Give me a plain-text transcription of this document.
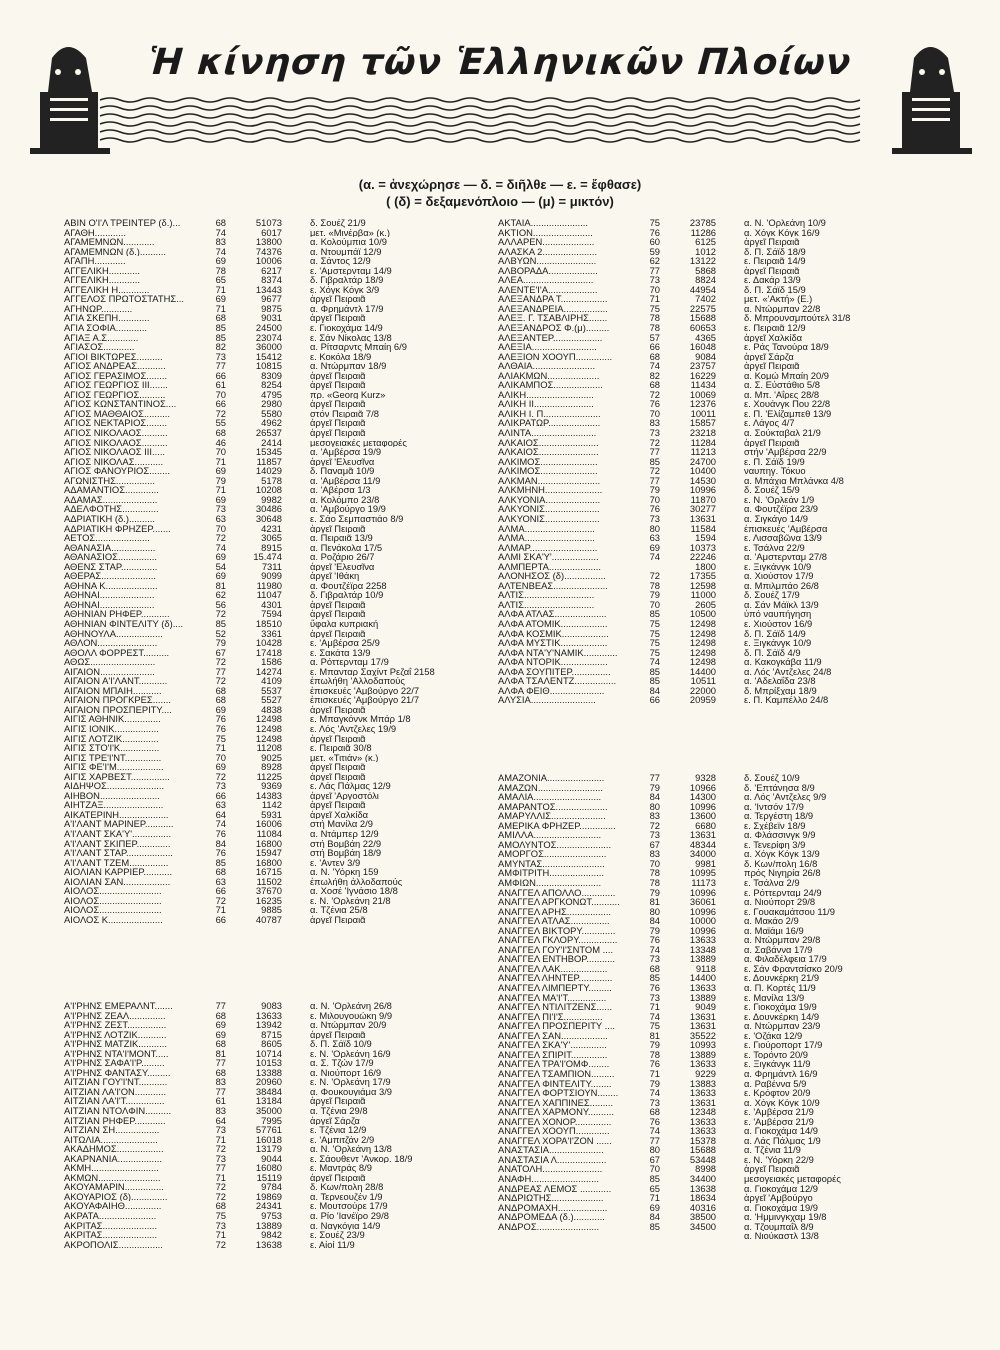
Ἡ κίνηση τῶν Ἑλληνικῶν Πλοίων
(α. = ἀνεχώρησε — δ. = διῆλθε — ε. = ἔφθασε)
( (δ) = δεξαμενόπλοιο — (μ) = μικτόν)
ΑΒΙΝ Ο'Ι'Λ ΤΡΕΙΝΤΕΡ (δ.)...	68	51073	δ. Σουέζ 21/9
ΑΓΑΘΗ............	74	6017	μετ. «Μινέρβα» (κ.)
ΑΓΑΜΕΜΝΩΝ............	83	13800	α. Κολούμπια 10/9
ΑΓΑΜΕΜΝΩΝ (δ.)..........	74	74376	α. Ντουμπάϊ 12/9
ΑΓΑΠΗ............	69	10006	α. Σάντος 12/9
ΑΓΓΕΛΙΚΗ............	78	6217	ε. 'Αμστερνταμ 14/9
ΑΓΓΕΛΙΚΗ............	65	8374	δ. Γιβραλτάρ 18/9
ΑΓΓΕΛΙΚΗ Η............	71	13443	ε. Χόγκ Κόγκ 3/9
ΑΓΓΕΛΟΣ ΠΡΩΤΟΣΤΑΤΗΣ...	69	9677	ἀργεῖ Πειραιᾶ
ΑΓΗΝΩΡ............	71	9875	α. Φρημάντλ 17/9
ΑΓΙΑ ΣΚΕΠΗ............	68	9031	ἀργεῖ Πειραιᾶ
ΑΓΙΑ ΣΟΦΙΑ............	85	24500	ε. Γιοκοχάμα 14/9
ΑΓΙΑΞ Α.Σ............	85	23074	ε. Σάν Νίκολας 13/8
ΑΓΙΑΣΟΣ............	82	36000	α. Ρίτσαρντς Μπαίη 6/9
ΑΓΙΟΙ ΒΙΚΤΩΡΕΣ..........	73	15412	ε. Κοκόλα 18/9
ΑΓΙΟΣ ΑΝΔΡΕΑΣ...........	77	10815	α. Ντώρμπαν 18/9
ΑΓΙΟΣ ΓΕΡΑΣΙΜΟΣ........	66	8309	ἀργεῖ Πειραιᾶ
ΑΓΙΟΣ ΓΕΩΡΓΙΟΣ III.......	61	8254	ἀργεῖ Πειραιᾶ
ΑΓΙΟΣ ΓΕΩΡΓΙΟΣ..........	70	4795	πρ. «Georg Kurz»
ΑΓΙΟΣ ΚΩΝΣΤΑΝΤΙΝΟΣ....	66	2980	ἀργεῖ Πειραιᾶ
ΑΓΙΟΣ ΜΑΘΘΑΙΟΣ..........	72	5580	στόν Πειραιᾶ 7/8
ΑΓΙΟΣ ΝΕΚΤΑΡΙΟΣ........	55	4962	ἀργεῖ Πειραιᾶ
ΑΓΙΟΣ ΝΙΚΟΛΑΟΣ..........	68	26537	ἀργεῖ Πειραιᾶ
ΑΓΙΟΣ ΝΙΚΟΛΑΟΣ..........	46	2414	μεσογειακές μεταφορές
ΑΓΙΟΣ ΝΙΚΟΛΑΟΣ III.....	70	15345	α. 'Αμβέρσα 19/9
ΑΓΙΟΣ ΝΙΚΟΛΑΣ...........	71	11857	ἀργεῖ 'Ελευσῖνα
ΑΓΙΟΣ ΦΑΝΟΥΡΙΟΣ........	69	14029	δ. Παναμᾶ 10/9
ΑΓΩΝΙΣΤΗΣ...............	79	5178	α. 'Αμβέρσα 11/9
ΑΔΑΜΑΝΤΙΟΣ.............	71	10208	α. 'Αβέρσα 1/3
ΑΔΑΜΑΣ.....................	69	9982	α. Κολόμπο 23/8
ΑΔΕΛΦΟΤΗΣ..............	73	30486	α. 'Αμβούργο 19/9
ΑΔΡΙΑΤΙΚΗ (δ.)..........	63	30648	ε. Σάο Σεμπαστιάο 8/9
ΑΔΡΙΑΤΙΚΗ ΦΡΗΖΕΡ.......	70	4231	ἀργεῖ Πειραιᾶ
ΑΕΤΟΣ.....................	72	3065	α. Πειραιᾶ 13/9
ΑΘΑΝΑΣΙΑ.................	74	8915	α. Πενάκολα 17/5
ΑΘΑΝΑΣΙΟΣ...............	69	15.474	α. Ροζάριο 26/7
ΑΘΕΝΣ ΣΤΑΡ..............	54	7311	ἀργεῖ 'Ελευσῖνα
ΑΘΕΡΑΣ.....................	69	9099	ἀργεῖ 'Ιθάκη
ΑΘΗΝΑ Κ....................	81	11980	α. Φουτζέϊρα 2258
ΑΘΗΝΑΙ.....................	62	11047	δ. Γιβραλτάρ 10/9
ΑΘΗΝΑΙ.....................	56	4301	ἀργεῖ Πειραιᾶ
ΑΘΗΝΙΑΝ ΡΗΦΕΡ...........	72	7594	ἀργεῖ Πειραιᾶ
ΑΘΗΝΙΑΝ ΦΙΝΤΕΛΙΤΥ (δ)....	85	18510	ὕφαλα κυπριακή
ΑΘΗΝΟΥΛΑ..................	52	3361	ἀργεῖ Πειραιᾶ
ΑΘΛΟΝ.......................	79	10428	ε. 'Αμβέρσα 25/9
ΑΘΟΛΛ ΦΟΡΡΕΣΤ..........	67	17418	ε. Σακάτα 13/9
ΑΘΩΣ.........................	72	1586	α. Ρόττερνταμ 17/9
ΑΙΓΑΙΟΝ.....................	77	14274	ε. Μπανταρ Σαχίντ Ρεζαΐ 2158
ΑΙΓΑΙΟΝ Α'Ι'ΛΑΝΤ...........	72	4109	ἐπωλήθη 'Αλλοδαπούς
ΑΙΓΑΙΟΝ ΜΠΑΙΗ...........	68	5537	ἐπισκευές 'Αμβούργο 22/7
ΑΙΓΑΙΟΝ ΠΡΟΓΚΡΕΣ.......	68	5527	ἐπισκευές 'Αμβούργο 21/7
ΑΙΓΑΙΟΝ ΠΡΟΣΠΕΡΙΤΥ....	69	4838	ἀργεῖ Πειραιᾶ
ΑΙΓΙΣ ΑΘΗΝΙΚ..............	76	12498	ε. Μπαγκόννκ Μπάρ 1/8
ΑΙΓΙΣ ΙΟΝΙΚ.................	76	12498	ε. Λός 'Αντζελες 19/9
ΑΙΓΙΣ ΛΟΤΖΙΚ..............	75	12498	ἀργεῖ Πειραιᾶ
ΑΙΓΙΣ ΣΤΟ'Ι'Κ...............	71	11208	ε. Πειραιᾶ 30/8
ΑΙΓΙΣ ΤΡΕ'Ι'ΝΤ..............	70	9025	μετ. «Τιτιάν» (κ.)
ΑΙΓΙΣ ΦΕ'Ι'Μ..................	69	8928	ἀργεῖ Πειραιᾶ
ΑΙΓΙΣ ΧΑΡΒΕΣΤ...............	72	11225	ἀργεῖ Πειραιᾶ
ΑΙΔΗΨΟΣ......................	73	9369	ε. Λάς Πάλμας 12/9
ΑΙΗΒΟΝ.......................	66	14383	ἀργεῖ 'Αργοστόλι
ΑΙΗΤΖΑΞ.......................	63	1142	ἀργεῖ Πειραιᾶ
ΑΙΚΑΤΕΡΙΝΗ...................	64	5931	ἀργεῖ Χαλκίδα
Α'Ι'ΛΑΝΤ ΜΑΡΙΝΕΡ...........	74	16006	στή Μανίλα 2/9
Α'Ι'ΛΑΝΤ ΣΚΑ'Υ'...............	76	11084	α. Ντάμπερ 12/9
Α'Ι'ΛΑΝΤ ΣΚΙΠΕΡ.............	84	16800	στή Βομβάη 22/9
Α'Ι'ΛΑΝΤ ΣΤΑΡ..................	76	15947	στή Βομβάη 18/9
Α'Ι'ΛΑΝΤ ΤΖΕΜ...............	85	16800	ε. 'Αντεν 3/9
ΑΙΟΛΙΑΝ ΚΑΡΡΙΕΡ...........	68	16715	α. Ν. 'Υόρκη 159
ΑΙΟΛΙΑΝ ΣΑΝ..................	63	11502	ἐπωλήθη ἀλλοδαπούς
ΑΙΟΛΟΣ........................	66	37670	α. Χοσέ 'Ιγνάσιο 18/8
ΑΙΟΛΟΣ........................	72	16235	ε. Ν. 'Ορλεάνη 21/8
ΑΙΟΛΟΣ........................	71	9885	α. Τζένια 25/8
ΑΙΟΛΟΣ Κ.....................	66	40787	ἀργεῖ Πειραιᾶ
Α'Ι'ΡΗΝΣ ΕΜΕΡΑΛΝΤ.......	77	9083	α. Ν. 'Ορλεάνη 26/8
Α'Ι'ΡΗΝΣ ΖΕΑΛ..............	68	13633	ε. Μιλουγουώκη 9/9
Α'Ι'ΡΗΝΣ ΖΕΣΤ...............	69	13942	α. Ντώρμπαν 20/9
Α'Ι'ΡΗΝΣ ΛΟΤΖΙΚ...........	69	8715	ἀργεῖ Πειραιᾶ
Α'Ι'ΡΗΝΣ ΜΑΤΖΙΚ...........	68	8605	δ. Π. Σάϊδ 10/9
Α'Ι'ΡΗΝΣ ΝΤΑ'Ι'ΜΟΝΤ.....	81	10714	ε. Ν. 'Ορλεάνη 16/9
Α'Ι'ΡΗΝΣ ΣΑΦΑ'Ι'Ρ.........	77	10153	α. Σ. Τζών 17/9
Α'Ι'ΡΗΝΣ ΦΑΝΤΑΣΥ.........	68	13388	α. Νιούπορτ 16/9
ΑΙΤΖΙΑΝ ΓΟΥ'Ι'ΝΤ...........	83	20960	ε. Ν. 'Ορλεάνη 17/9
ΑΙΤΖΙΑΝ ΛΑ'Ι'ΟΝ............	77	38484	α. Φουκουγιάμα 3/9
ΑΙΤΖΙΑΝ ΛΑ'Ι'Τ...............	61	13184	ἀργεῖ Πειραιᾶ
ΑΙΤΖΙΑΝ ΝΤΟΛΦΙΝ..........	83	35000	α. Τζένια 29/8
ΑΙΤΖΙΑΝ ΡΗΦΕΡ............	64	7995	ἀργεῖ Σάρζα
ΑΙΤΖΙΑΝ ΣΗ.................	73	57761	ε. Τζένια 12/9
ΑΙΤΩΛΙΑ......................	71	16018	ε. 'Αμπιτζάν 2/9
ΑΚΑΔΗΜΟΣ..................	72	13179	α. Ν. 'Ορλεάνη 13/8
ΑΚΑΡΝΑΝΙΑ.................	73	9044	ε. Σάουθεντ 'Ανκορ. 18/9
ΑΚΜΗ..........................	77	16080	ε. Μαντράς 8/9
ΑΚΜΩΝ........................	71	15119	ἀργεῖ Πειραιᾶ
ΑΚΟΥΑΜΑΡΙΝ...............	72	9784	δ. Κων/πολη 28/8
ΑΚΟΥΑΡΙΟΣ (δ)..............	72	19869	α. Τερνεουζέν 1/9
ΑΚΟΥΑΦΑΙΗΘ..............	68	24341	ε. Μουτσούρε 17/9
ΑΚΡΑΤΑ......................	75	9753	α. Ρίο 'Ιανέϊρο 29/8
ΑΚΡΙΤΑΣ.....................	73	13889	α. Ναγκόγια 14/9
ΑΚΡΙΤΑΣ.....................	71	9842	ε. Σουέζ 23/9
ΑΚΡΟΠΟΛΙΣ.................	72	13638	ε. Αἰοί 11/9
ΑΚΤΑΙΑ......................	75	23785	α. Ν. 'Ορλεάνη 10/9
ΑΚΤΙΟΝ.......................	76	11286	α. Χόγκ Κόγκ 16/9
ΑΛΛΑΡΕΝ....................	60	6125	ἀργεῖ Πειραιᾶ
ΑΛΑΣΚΑ 2.....................	59	1012	δ. Π. Σάϊδ 18/9
ΑΛΒΥΩΝ.......................	62	13122	ε. Πειραιᾶ 14/9
ΑΛΒΟΡΑΔΑ...................	77	5868	ἀργεῖ Πειραιᾶ
ΑΛΕΑ...........................	73	8824	ε. Δακάρ 13/9
ΑΛΕΝΤΕ'Ι'Α...................	70	44954	δ. Π. Σάϊδ 15/9
ΑΛΕΞΑΝΔΡΑ Τ..................	71	7402	μετ. «'Ακτή» (Ε.)
ΑΛΕΞΑΝΔΡΕΙΑ.................	75	22575	α. Ντώρμπαν 22/8
ΑΛΕΞ. Γ. ΤΣΑΒΛΙΡΗΣ.......	78	15688	δ. Μπρουνσμπούτελ 31/8
ΑΛΕΞΑΝΔΡΟΣ Φ.(μ).........	78	60653	ε. Πειραιᾶ 12/9
ΑΛΕΞΑΝΤΕΡ...................	57	4365	ἀργεῖ Χαλκίδα
ΑΛΕΞΙΑ.........................	66	16048	ε. Ράς Τανούρα 18/9
ΑΛΕΞΙΟΝ ΧΟΟΥΠ..............	68	9084	ἀργεῖ Σάρζα
ΑΛΘΑΙΑ........................	74	23757	ἀργεῖ Πειραιᾶ
ΑΛΙΑΚΜΩΝ....................	82	16229	α. Κομώ Μπαίη 20/9
ΑΛΙΚΑΜΠΟΣ...................	68	11434	α. Σ. Εὐστάθιο 5/8
ΑΛΙΚΗ..........................	72	10069	α. Μπ. 'Αΐρες 28/8
ΑΛΙΚΗ ΙΙ.......................	76	12376	ε. Χουάνγκ Που 22/8
ΑΛΙΚΗ Ι. Π......................	70	10011	ε. Π. 'Ελίζαμπεθ 13/9
ΑΛΙΚΡΑΤΩΡ....................	83	15857	ε. Λάγος 4/7
ΑΛΙΝΤΑ.........................	73	23218	α. Σούκταβαλ 21/9
ΑΛΚΑΙΟΣ.......................	72	11284	ἀργεῖ Πειραιᾶ
ΑΛΚΑΙΟΣ.......................	77	11213	στήν 'Αμβέρσα 22/9
ΑΛΚΙΜΟΣ......................	85	24700	ε. Π. Σάϊδ 19/9
ΑΛΚΙΜΟΣ......................	72	10400	ναυπηγ. Τόκυο
ΑΛΚΜΑΝ........................	77	14530	α. Μπάχια Μπλάνκα 4/8
ΑΛΚΜΗΝΗ......................	79	10996	δ. Σουέζ 15/9
ΑΛΚΥΟΝΙΑ.....................	70	11870	ε. Ν. 'Ορλεάν 1/9
ΑΛΚΥΟΝΙΣ.....................	76	30277	α. Φουτζέϊρα 23/9
ΑΛΚΥΟΝΙΣ.....................	73	13631	α. Σιγκάγο 14/9
ΑΛΜΑ...........................	80	11584	ἐπισκευές 'Αμβέρσα
ΑΛΜΑ...........................	63	1594	ε. Λισσαβῶνα 13/9
ΑΛΜΑΡ..........................	69	10373	ε. Τσάλνα 22/9
ΑΛΜΙ ΣΚΑ'Υ'..................	74	22246	α. 'Αμστερνταμ 27/8
ΑΛΜΠΕΡΤΑ....................	1800	ε. Ξιγκάνγκ 10/9
ΑΛΟΝΗΣΟΣ (δ)................	72	17355	α. Χιούστον 17/9
ΑΛΤΕΝΒΕΑΣ.....................	78	12598	α. Μπιλμπάο 26/8
ΑΛΤΙΣ...........................	79	11000	δ. Σουέζ 17/9
ΑΛΤΙΣ...........................	70	2605	α. Σάν Μάϊκλ 13/9
ΑΛΦΑ ΑΤΛΑΣ....................	85	10500	ὑπό ναυπήγηση
ΑΛΦΑ ΑΤΟΜΙΚ..................	75	12498	ε. Χιούστον 16/9
ΑΛΦΑ ΚΟΣΜΙΚ..................	75	12498	δ. Π. Σάϊδ 14/9
ΑΛΦΑ ΜΥΣΤΙΚ..................	75	12498	ε. Ξιγκάνγκ 10/9
ΑΛΦΑ ΝΤΑ'Υ'ΝΑΜΙΚ.............	75	12498	δ. Π. Σάϊδ 4/9
ΑΛΦΑ ΝΤΟΡΙΚ..................	74	12498	α. Κακογκάβα 11/9
ΑΛΦΑ ΣΟΥΠΙΤΕΡ...............	85	14400	α. Λός 'Αντζελες 24/8
ΑΛΦΑ ΤΣΑΛΕΝΤΖ................	85	10511	α. 'Αδελαΐδα 23/8
ΑΛΦΑ ΦΕΙΘ.....................	84	22000	δ. Μπρίξχαμ 18/9
ΑΛΥΣΙΑ.........................	66	20959	ε. Π. Καμπέλλο 24/8
ΑΜΑΖΟΝΙΑ......................	77	9328	δ. Σουέζ 10/9
ΑΜΑΖΩΝ.........................	79	10966	δ. 'Επτάνησα 8/9
ΑΜΑΛΙΑ..........................	84	14300	α. Λός 'Αντζελες 9/9
ΑΜΑΡΑΝΤΟΣ....................	80	10996	α. 'Ιντσόν 17/9
ΑΜΑΡΥΛΛΙΣ.....................	83	13600	α. Τεργέστη 18/9
ΑΜΕΡΙΚΑ ΦΡΗΖΕΡ..............	72	6680	ε. Σχέβεϊν 18/9
ΑΜΙΛΛΑ..........................	73	13631	α. Φλάσσινγκ 9/9
ΑΜΟΛΥΝΤΟΣ.....................	67	48344	ε. Τενερίφη 3/9
ΑΜΟΡΓΟΣ........................	83	34000	α. Χόγκ Κόγκ 13/9
ΑΜΥΝΤΑΣ........................	70	9981	δ. Κων/πολη 16/8
ΑΜΦΙΤΡΙΤΗ.....................	78	10995	πρός Νιγηρία 26/8
ΑΜΦΙΩΝ.........................	78	11173	ε. Τσάλνα 2/9
ΑΝΑΓΓΕΛ ΑΠΟΛΛΟ.............	79	10996	ε. Ρόττερνταμ 24/9
ΑΝΑΓΓΕΛ ΑΡΓΚΟΝΩΤ...........	81	36061	α. Νιούπορτ 29/8
ΑΝΑΓΓΕΛ ΑΡΗΣ.................	80	10996	ε. Γουακαμάτσου 11/9
ΑΝΑΓΓΕΛ ΑΤΛΑΣ...............	84	10000	α. Μακάο 2/9
ΑΝΑΓΓΕΛ ΒΙΚΤΟΡΥ.............	79	10996	α. Μαϊάμι 16/9
ΑΝΑΓΓΕΛ ΓΚΛΟΡΥ...............	76	13633	α. Ντώρμπαν 29/8
ΑΝΑΓΓΕΛ ΓΟΥ'Ι'ΣΝΤΟΜ ....	74	13348	α. Σαβάννα 17/9
ΑΝΑΓΓΕΛ ΕΝΤΗΒΟΡ...........	73	13889	α. Φιλαδέλφεια 17/9
ΑΝΑΓΓΕΛ ΛΑΚ..................	68	9118	ε. Σάν Φραντσίσκο 20/9
ΑΝΑΓΓΕΛ ΛΗΝΤΕΡ.............	85	14400	ε. Δουνκέρκη 21/9
ΑΝΑΓΓΕΛ ΛΙΜΠΕΡΤΥ.........	76	13633	α. Π. Κορτές 11/9
ΑΝΑΓΓΕΛ ΜΑ'Ι'Τ...............	73	13889	ε. Μανίλα 13/9
ΑΝΑΓΓΕΛ ΝΤΙΛΙΤΖΕΝΣ......	71	9049	ε. Γιοκοχάμα 19/9
ΑΝΑΓΓΕΛ ΠΙ'Ι'Σ...............	74	13631	ε. Δουνκέρκη 14/9
ΑΝΑΓΓΕΛ ΠΡΟΣΠΕΡΙΤΥ ....	75	13631	α. Ντώρμπαν 23/9
ΑΝΑΓΓΕΛ ΣΑΝ..................	81	35522	ε. 'Οζάκα 12/9
ΑΝΑΓΓΕΛ ΣΚΑ'Υ'..............	79	10993	ε. Γιούροπορτ 17/9
ΑΝΑΓΓΕΛ ΣΠΙΡΙΤ..............	78	13889	ε. Τορόντο 20/9
ΑΝΑΓΓΕΛ ΤΡΑ'Ι'ΟΜΦ........	76	13633	ε. Ξιγκάνγκ 11/9
ΑΝΑΓΓΕΛ ΤΣΑΜΠΙΟΝ.........	71	9229	α. Φρημάντλ 16/9
ΑΝΑΓΓΕΛ ΦΙΝΤΕΛΙΤΥ........	79	13883	α. Ραβέννα 5/9
ΑΝΑΓΓΕΛ ΦΟΡΤΣΙΟΥΝ........	74	13633	ε. Κρόφτον 20/9
ΑΝΑΓΓΕΛ ΧΑΠΠΙΝΕΣ.........	73	13631	α. Χόγκ Κόγκ 10/9
ΑΝΑΓΓΕΛ ΧΑΡΜΟΝΥ..........	68	12348	ε. 'Αμβέρσα 21/9
ΑΝΑΓΓΕΛ ΧΟΝΟΡ..............	76	13633	ε. 'Αμβέρσα 21/9
ΑΝΑΓΓΕΛ ΧΟΟΥΠ.............	74	13633	α. Γιοκοχάμα 14/9
ΑΝΑΓΓΕΛ ΧΟΡΑ'Ι'ΖΟΝ ......	77	15378	α. Λάς Πάλμας 1/9
ΑΝΑΣΤΑΣΙΑ.....................	80	15688	α. Τζένια 11/9
ΑΝΑΣΤΑΣΙΑ Λ...................	67	53448	ε. Ν. 'Υόρκη 22/9
ΑΝΑΤΟΛΗ.......................	70	8998	ἀργεῖ Πειραιᾶ
ΑΝΑΦΗ..........................	85	34400	μεσογειακές μεταφορές
ΑΝΔΡΕΑΣ ΛΕΜΟΣ ............	65	13638	α. Γιοκοχάμα 12/9
ΑΝΔΡΙΩΤΗΣ....................	71	18634	ἀργεῖ 'Αμβούργο
ΑΝΔΡΟΜΑΧΗ...................	69	40316	α. Γιοκοχάμα 19/9
ΑΝΔΡΟΜΕΔΑ (δ.)............	84	38500	α. 'Ημμινγκχαμ 19/8
ΑΝΔΡΟΣ........................	85	34500	α. Τζουμπαΐλ 8/9
α. Νιούκαστλ 13/8
